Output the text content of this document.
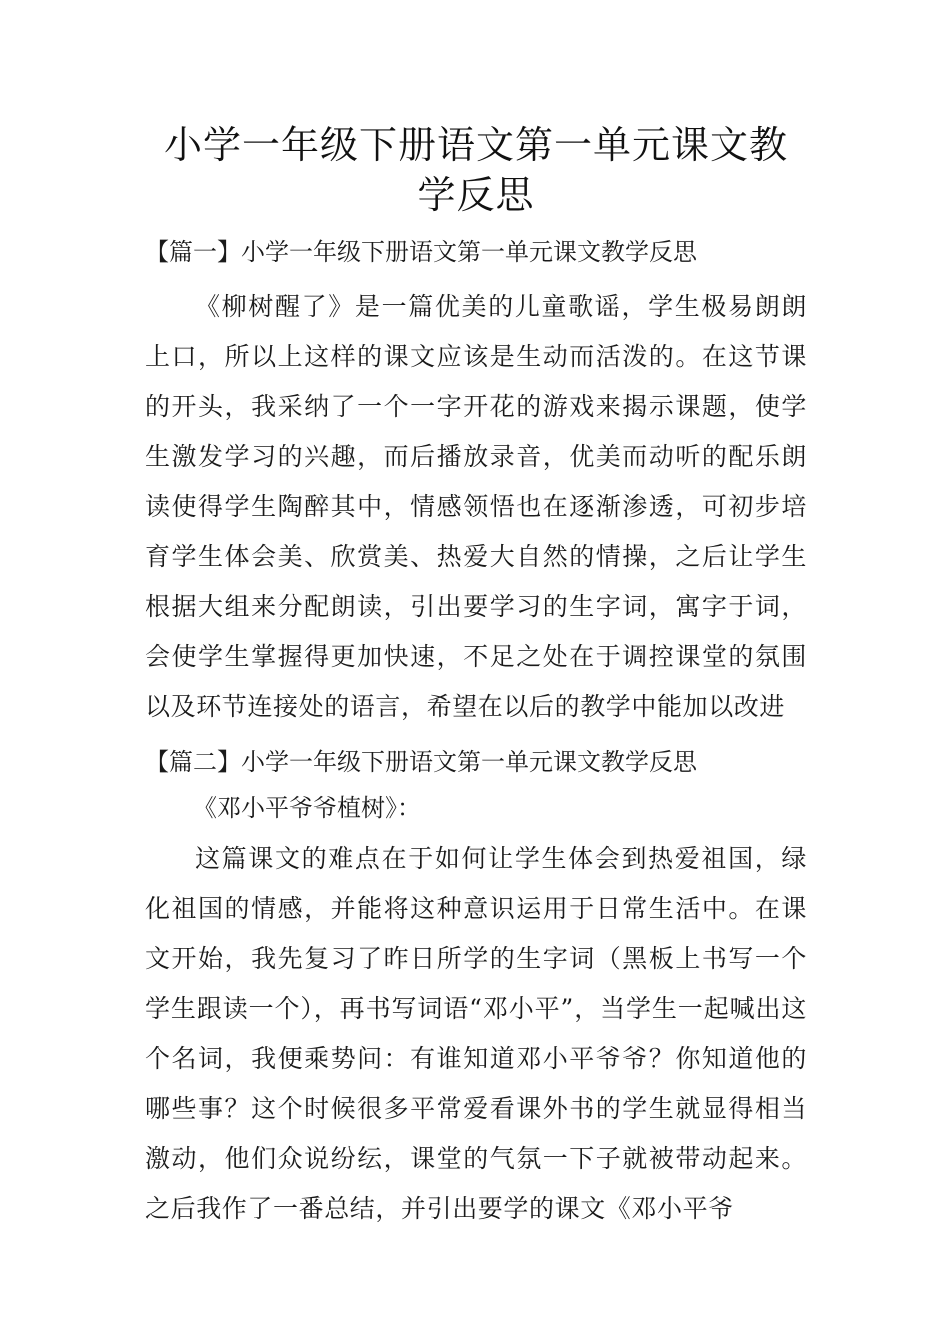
小学一年级下册语文第一单元课文教学反思
【篇一】小学一年级下册语文第一单元课文教学反思

《柳树醒了》是一篇优美的儿童歌谣，学生极易朗朗上口，所以上这样的课文应该是生动而活泼的。在这节课的开头，我采纳了一个一字开花的游戏来揭示课题，使学生激发学习的兴趣，而后播放录音，优美而动听的配乐朗读使得学生陶醉其中，情感领悟也在逐渐渗透，可初步培育学生体会美、欣赏美、热爱大自然的情操，之后让学生根据大组来分配朗读，引出要学习的生字词，寓字于词，会使学生掌握得更加快速，不足之处在于调控课堂的氛围以及环节连接处的语言，希望在以后的教学中能加以改进

【篇二】小学一年级下册语文第一单元课文教学反思
《邓小平爷爷植树》：

这篇课文的难点在于如何让学生体会到热爱祖国，绿化祖国的情感，并能将这种意识运用于日常生活中。在课文开始，我先复习了昨日所学的生字词（黑板上书写一个学生跟读一个），再书写词语“邓小平”，当学生一起喊出这个名词，我便乘势问：有谁知道邓小平爷爷？你知道他的哪些事？这个时候很多平常爱看课外书的学生就显得相当激动，他们众说纷纭，课堂的气氛一下子就被带动起来。之后我作了一番总结，并引出要学的课文《邓小平爷
